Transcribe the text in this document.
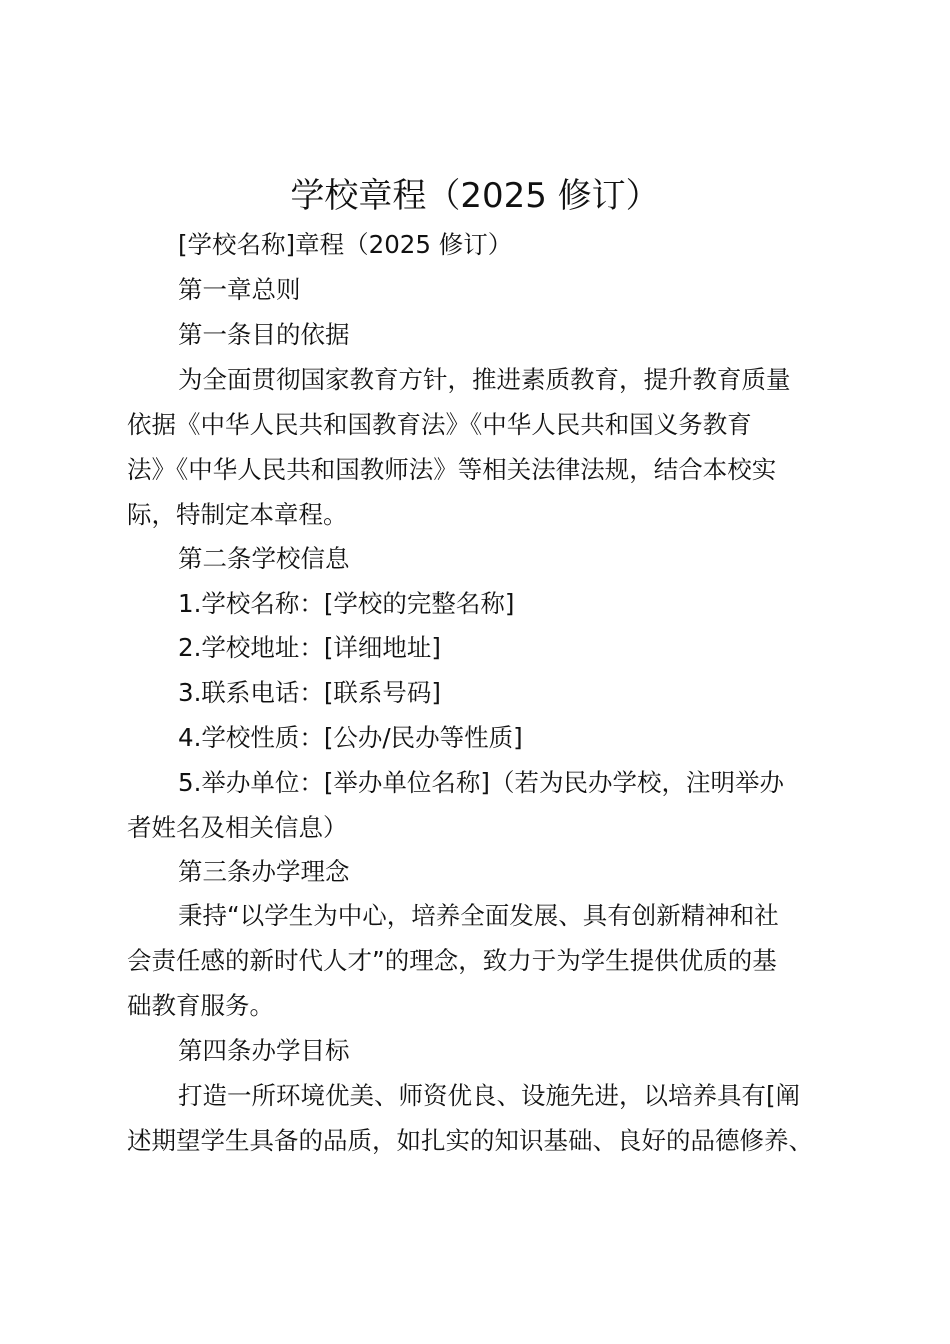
学校章程（2025 修订）
[学校名称]章程（2025 修订）
第一章总则
第一条目的依据
为全面贯彻国家教育方针，推进素质教育，提升教育质量
依据《中华人民共和国教育法》《中华人民共和国义务教育
法》《中华人民共和国教师法》等相关法律法规，结合本校实
际，特制定本章程。
第二条学校信息
1.学校名称：[学校的完整名称]
2.学校地址：[详细地址]
3.联系电话：[联系号码]
4.学校性质：[公办/民办等性质]
5.举办单位：[举办单位名称]（若为民办学校，注明举办
者姓名及相关信息）
第三条办学理念
秉持“以学生为中心，培养全面发展、具有创新精神和社
会责任感的新时代人才”的理念，致力于为学生提供优质的基
础教育服务。
第四条办学目标
打造一所环境优美、师资优良、设施先进，以培养具有[阐
述期望学生具备的品质，如扎实的知识基础、良好的品德修养、
